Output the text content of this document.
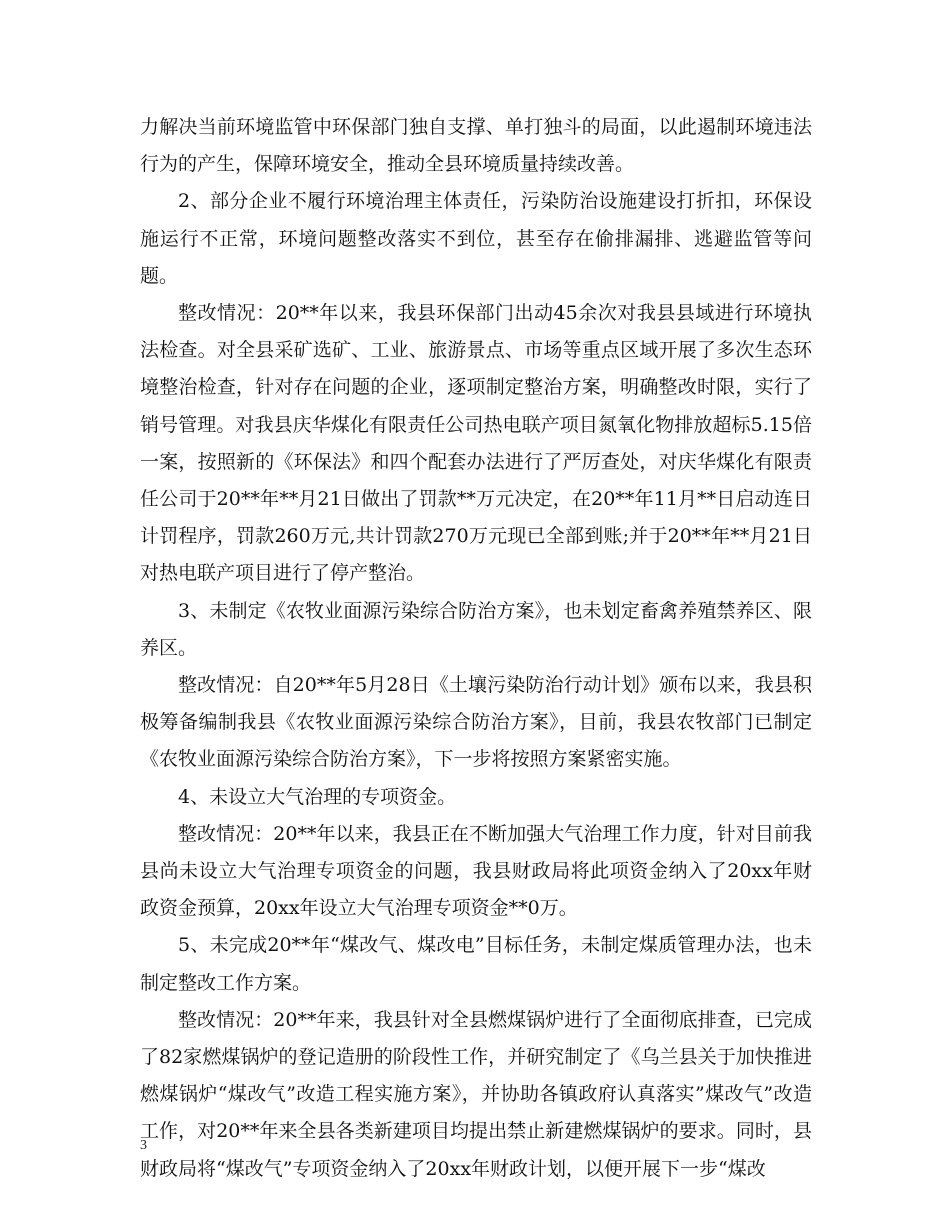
力解决当前环境监管中环保部门独自支撑、单打独斗的局面，以此遏制环境违法行为的产生，保障环境安全，推动全县环境质量持续改善。

2、部分企业不履行环境治理主体责任，污染防治设施建设打折扣，环保设施运行不正常，环境问题整改落实不到位，甚至存在偷排漏排、逃避监管等问题。

整改情况：20**年以来，我县环保部门出动45余次对我县县域进行环境执法检查。对全县采矿选矿、工业、旅游景点、市场等重点区域开展了多次生态环境整治检查，针对存在问题的企业，逐项制定整治方案，明确整改时限，实行了销号管理。对我县庆华煤化有限责任公司热电联产项目氮氧化物排放超标5.15倍一案，按照新的《环保法》和四个配套办法进行了严厉查处，对庆华煤化有限责任公司于20**年**月21日做出了罚款**万元决定，在20**年11月**日启动连日计罚程序，罚款260万元,共计罚款270万元现已全部到账;并于20**年**月21日对热电联产项目进行了停产整治。

3、未制定《农牧业面源污染综合防治方案》，也未划定畜禽养殖禁养区、限养区。

整改情况：自20**年5月28日《土壤污染防治行动计划》颁布以来，我县积极筹备编制我县《农牧业面源污染综合防治方案》，目前，我县农牧部门已制定《农牧业面源污染综合防治方案》，下一步将按照方案紧密实施。

4、未设立大气治理的专项资金。

整改情况：20**年以来，我县正在不断加强大气治理工作力度，针对目前我县尚未设立大气治理专项资金的问题，我县财政局将此项资金纳入了20xx年财政资金预算，20xx年设立大气治理专项资金**0万。

5、未完成20**年“煤改气、煤改电”目标任务，未制定煤质管理办法，也未制定整改工作方案。

整改情况：20**年来，我县针对全县燃煤锅炉进行了全面彻底排查，已完成了82家燃煤锅炉的登记造册的阶段性工作，并研究制定了《乌兰县关于加快推进燃煤锅炉“煤改气”改造工程实施方案》，并协助各镇政府认真落实”煤改气”改造工作，对20**年来全县各类新建项目均提出禁止新建燃煤锅炉的要求。同时，县财政局将“煤改气”专项资金纳入了20xx年财政计划，以便开展下一步“煤改

3
